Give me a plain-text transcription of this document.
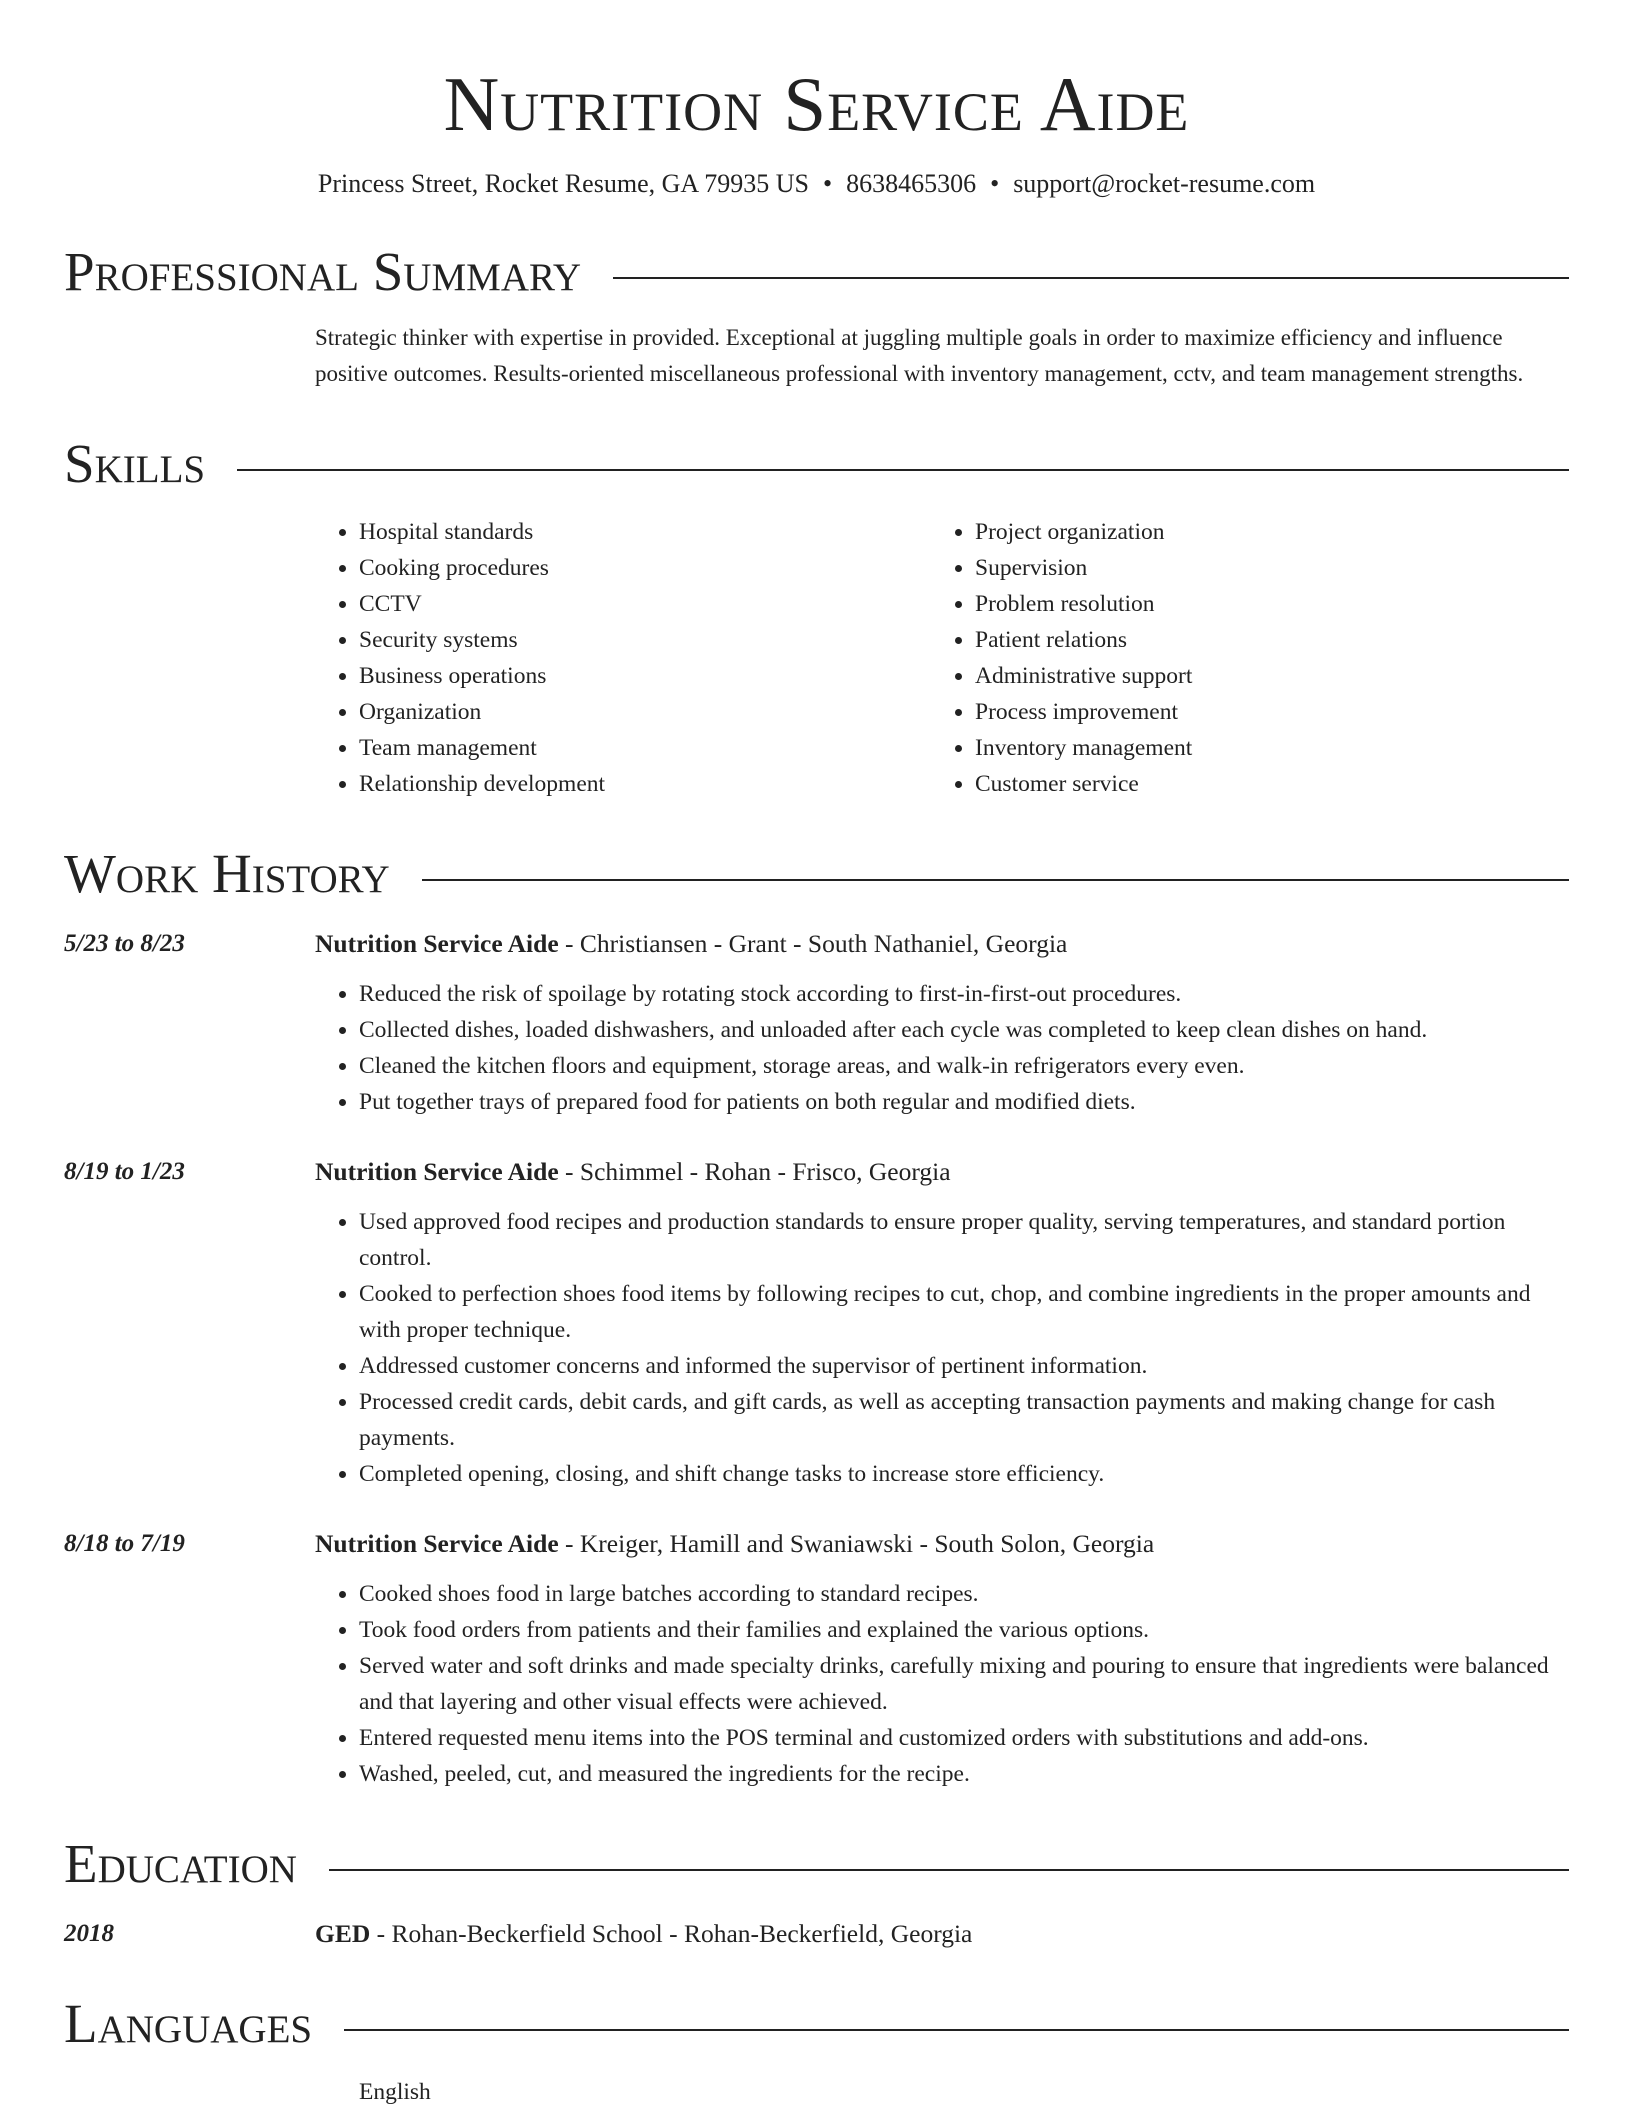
Nutrition Service Aide
Princess Street, Rocket Resume, GA 79935 US • 8638465306 • support@rocket-resume.com
Professional Summary

Strategic thinker with expertise in provided. Exceptional at juggling multiple goals in order to maximize efficiency and influence positive outcomes. Results-oriented miscellaneous professional with inventory management, cctv, and team management strengths.

Skills
• Hospital standards
• Cooking procedures
• CCTV
• Security systems
• Business operations
• Organization
• Team management
• Relationship development
• Project organization
• Supervision
• Problem resolution
• Patient relations
• Administrative support
• Process improvement
• Inventory management
• Customer service
Work History
5/23 to 8/23	Nutrition Service Aide - Christiansen - Grant - South Nathaniel, Georgia
• Reduced the risk of spoilage by rotating stock according to first-in-first-out procedures.
• Collected dishes, loaded dishwashers, and unloaded after each cycle was completed to keep clean dishes on hand.
• Cleaned the kitchen floors and equipment, storage areas, and walk-in refrigerators every even.
• Put together trays of prepared food for patients on both regular and modified diets.
8/19 to 1/23	Nutrition Service Aide - Schimmel - Rohan - Frisco, Georgia
• Used approved food recipes and production standards to ensure proper quality, serving temperatures, and standard portion control.
• Cooked to perfection shoes food items by following recipes to cut, chop, and combine ingredients in the proper amounts and with proper technique.
• Addressed customer concerns and informed the supervisor of pertinent information.
• Processed credit cards, debit cards, and gift cards, as well as accepting transaction payments and making change for cash payments.
• Completed opening, closing, and shift change tasks to increase store efficiency.
8/18 to 7/19	Nutrition Service Aide - Kreiger, Hamill and Swaniawski - South Solon, Georgia
• Cooked shoes food in large batches according to standard recipes.
• Took food orders from patients and their families and explained the various options.
• Served water and soft drinks and made specialty drinks, carefully mixing and pouring to ensure that ingredients were balanced and that layering and other visual effects were achieved.
• Entered requested menu items into the POS terminal and customized orders with substitutions and add-ons.
• Washed, peeled, cut, and measured the ingredients for the recipe.
Education
2018	GED - Rohan-Beckerfield School - Rohan-Beckerfield, Georgia
Languages
English
